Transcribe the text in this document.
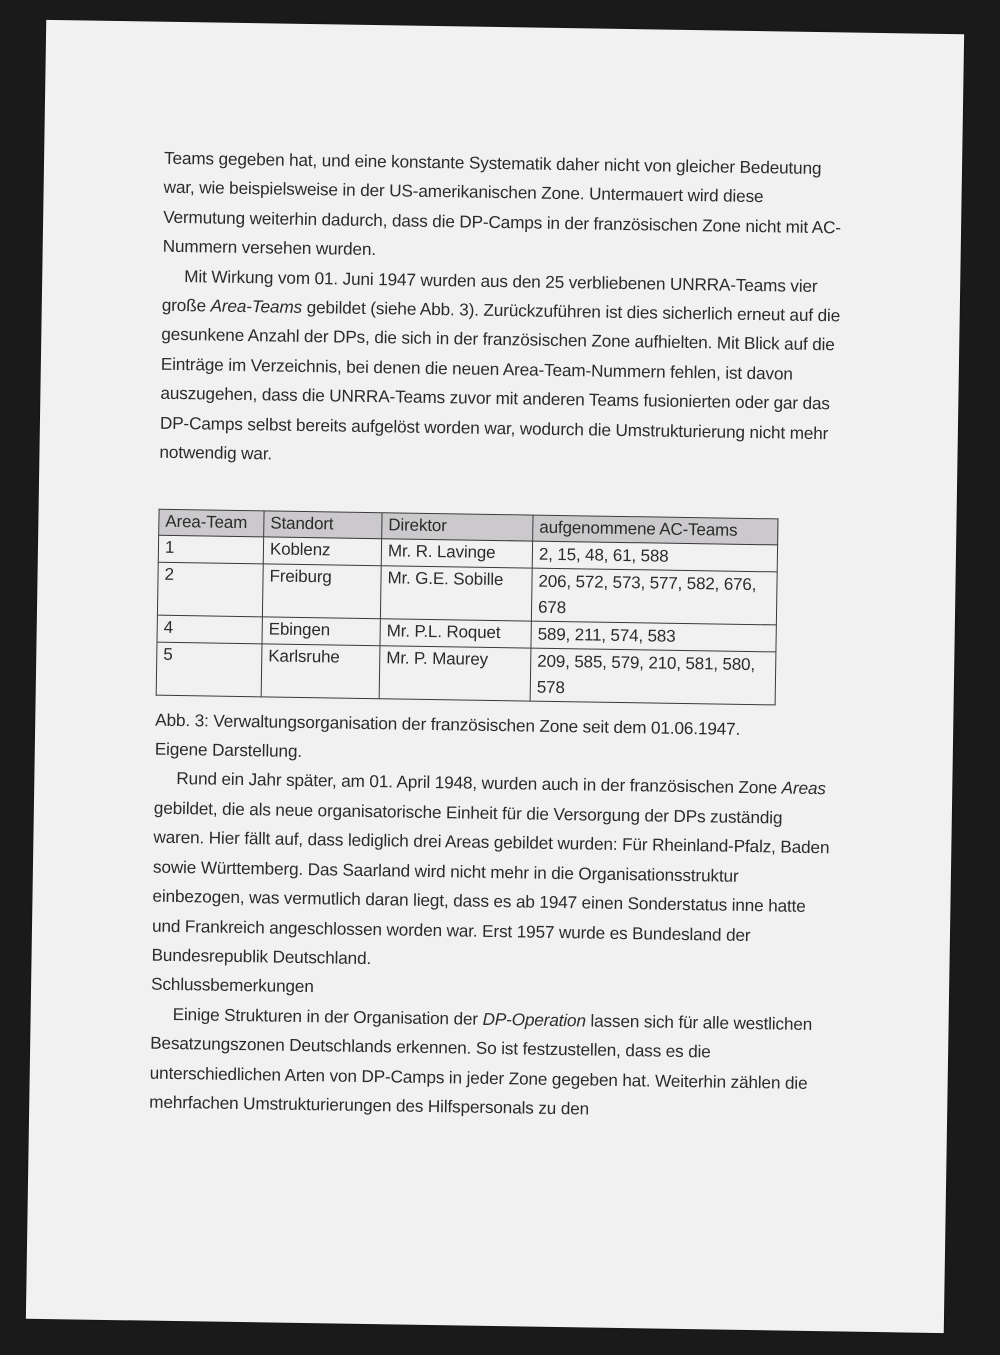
Teams gegeben hat, und eine konstante Systematik daher nicht von gleicher Bedeutung war, wie beispielsweise in der US-amerikanischen Zone. Untermauert wird diese Vermutung weiterhin dadurch, dass die DP-Camps in der französischen Zone nicht mit AC-Nummern versehen wurden.

Mit Wirkung vom 01. Juni 1947 wurden aus den 25 verbliebenen UNRRA-Teams vier große Area-Teams gebildet (siehe Abb. 3). Zurückzuführen ist dies sicherlich erneut auf die gesunkene Anzahl der DPs, die sich in der französischen Zone aufhielten. Mit Blick auf die Einträge im Verzeichnis, bei denen die neuen Area-Team-Nummern fehlen, ist davon auszugehen, dass die UNRRA-Teams zuvor mit anderen Teams fusionierten oder gar das DP-Camps selbst bereits aufgelöst worden war, wodurch die Umstrukturierung nicht mehr notwendig war.

Area-Team	Standort	Direktor	aufgenommene AC-Teams
1	Koblenz	Mr. R. Lavinge	2, 15, 48, 61, 588
2	Freiburg	Mr. G.E. Sobille	206, 572, 573, 577, 582, 676, 678
4	Ebingen	Mr. P.L. Roquet	589, 211, 574, 583
5	Karlsruhe	Mr. P. Maurey	209, 585, 579, 210, 581, 580, 578

Abb. 3: Verwaltungsorganisation der französischen Zone seit dem 01.06.1947.

Eigene Darstellung.

Rund ein Jahr später, am 01. April 1948, wurden auch in der französischen Zone Areas gebildet, die als neue organisatorische Einheit für die Versorgung der DPs zuständig waren. Hier fällt auf, dass lediglich drei Areas gebildet wurden: Für Rheinland-Pfalz, Baden sowie Württemberg. Das Saarland wird nicht mehr in die Organisationsstruktur einbezogen, was vermutlich daran liegt, dass es ab 1947 einen Sonderstatus inne hatte und Frankreich angeschlossen worden war. Erst 1957 wurde es Bundesland der Bundesrepublik Deutschland.

Schlussbemerkungen

Einige Strukturen in der Organisation der DP-Operation lassen sich für alle westlichen Besatzungszonen Deutschlands erkennen. So ist festzustellen, dass es die unterschiedlichen Arten von DP-Camps in jeder Zone gegeben hat. Weiterhin zählen die mehrfachen Umstrukturierungen des Hilfspersonals zu den
